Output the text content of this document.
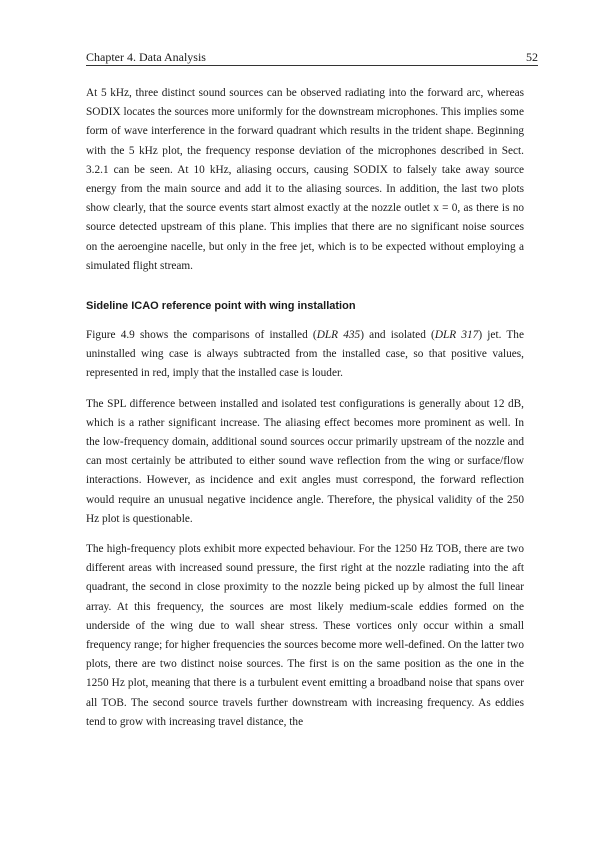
Chapter 4. Data Analysis	52

At 5 kHz, three distinct sound sources can be observed radiating into the forward arc, whereas SODIX locates the sources more uniformly for the downstream microphones. This implies some form of wave interference in the forward quadrant which results in the trident shape. Beginning with the 5 kHz plot, the frequency response deviation of the microphones described in Sect. 3.2.1 can be seen. At 10 kHz, aliasing occurs, causing SODIX to falsely take away source energy from the main source and add it to the aliasing sources. In addition, the last two plots show clearly, that the source events start almost exactly at the nozzle outlet x = 0, as there is no source detected upstream of this plane. This implies that there are no significant noise sources on the aeroengine nacelle, but only in the free jet, which is to be expected without employing a simulated flight stream.

Sideline ICAO reference point with wing installation

Figure 4.9 shows the comparisons of installed (DLR 435) and isolated (DLR 317) jet. The uninstalled wing case is always subtracted from the installed case, so that positive values, represented in red, imply that the installed case is louder.

The SPL difference between installed and isolated test configurations is generally about 12 dB, which is a rather significant increase. The aliasing effect becomes more prominent as well. In the low-frequency domain, additional sound sources occur primarily upstream of the nozzle and can most certainly be attributed to either sound wave reflection from the wing or surface/flow interactions. However, as incidence and exit angles must correspond, the forward reflection would require an unusual negative incidence angle. Therefore, the physical validity of the 250 Hz plot is questionable.

The high-frequency plots exhibit more expected behaviour. For the 1250 Hz TOB, there are two different areas with increased sound pressure, the first right at the nozzle radiating into the aft quadrant, the second in close proximity to the nozzle being picked up by almost the full linear array. At this frequency, the sources are most likely medium-scale eddies formed on the underside of the wing due to wall shear stress. These vortices only occur within a small frequency range; for higher frequencies the sources become more well-defined. On the latter two plots, there are two distinct noise sources. The first is on the same position as the one in the 1250 Hz plot, meaning that there is a turbulent event emitting a broadband noise that spans over all TOB. The second source travels further downstream with increasing frequency. As eddies tend to grow with increasing travel distance, the
